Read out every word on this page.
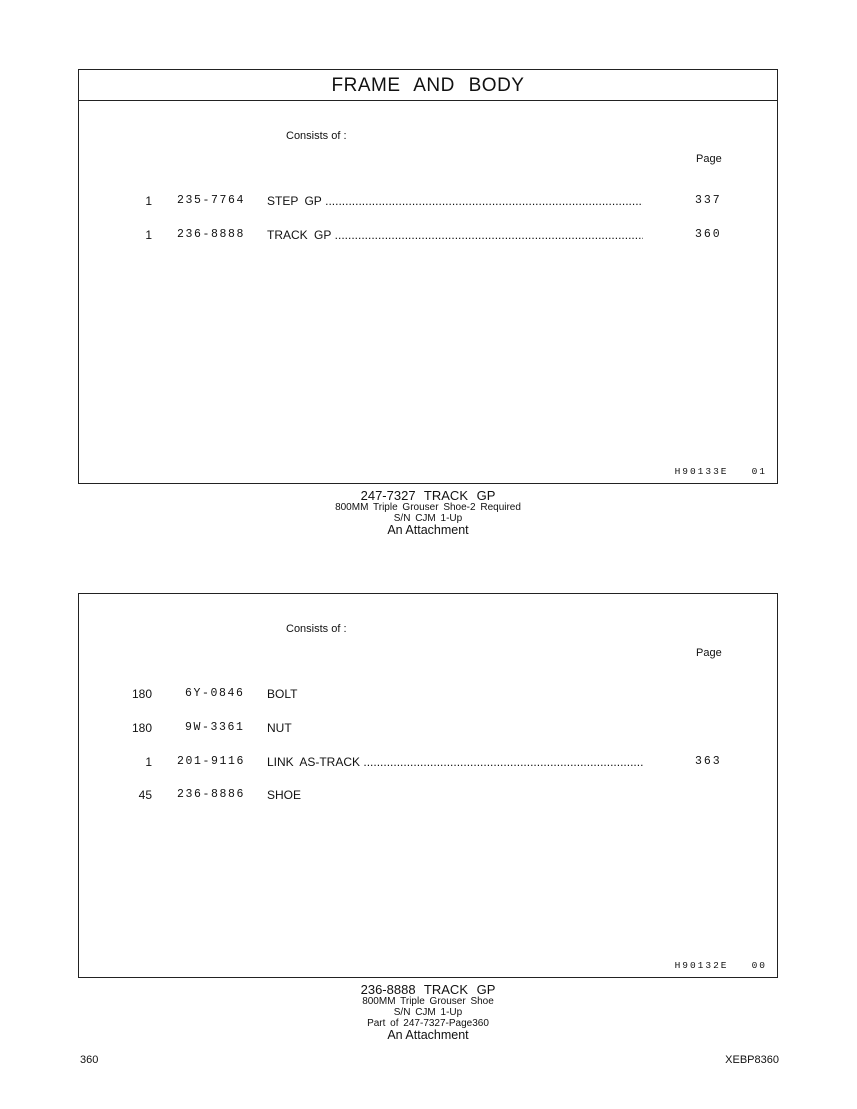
FRAME AND BODY
Consists of :
Page
1 235-7764 STEP GP .....	337
1 236-8888 TRACK GP .....	360
H90133E   01
247-7327 TRACK GP
800MM Triple Grouser Shoe-2 Required
S/N CJM 1-Up
An Attachment
Consists of :
Page
180	6Y-0846 BOLT
180	9W-3361 NUT
1 201-9116 LINK AS-TRACK .....	363
45 236-8886 SHOE
H90132E   00
236-8888 TRACK GP
800MM Triple Grouser Shoe
S/N CJM 1-Up
Part of 247-7327-Page360
An Attachment
360	XEBP8360
